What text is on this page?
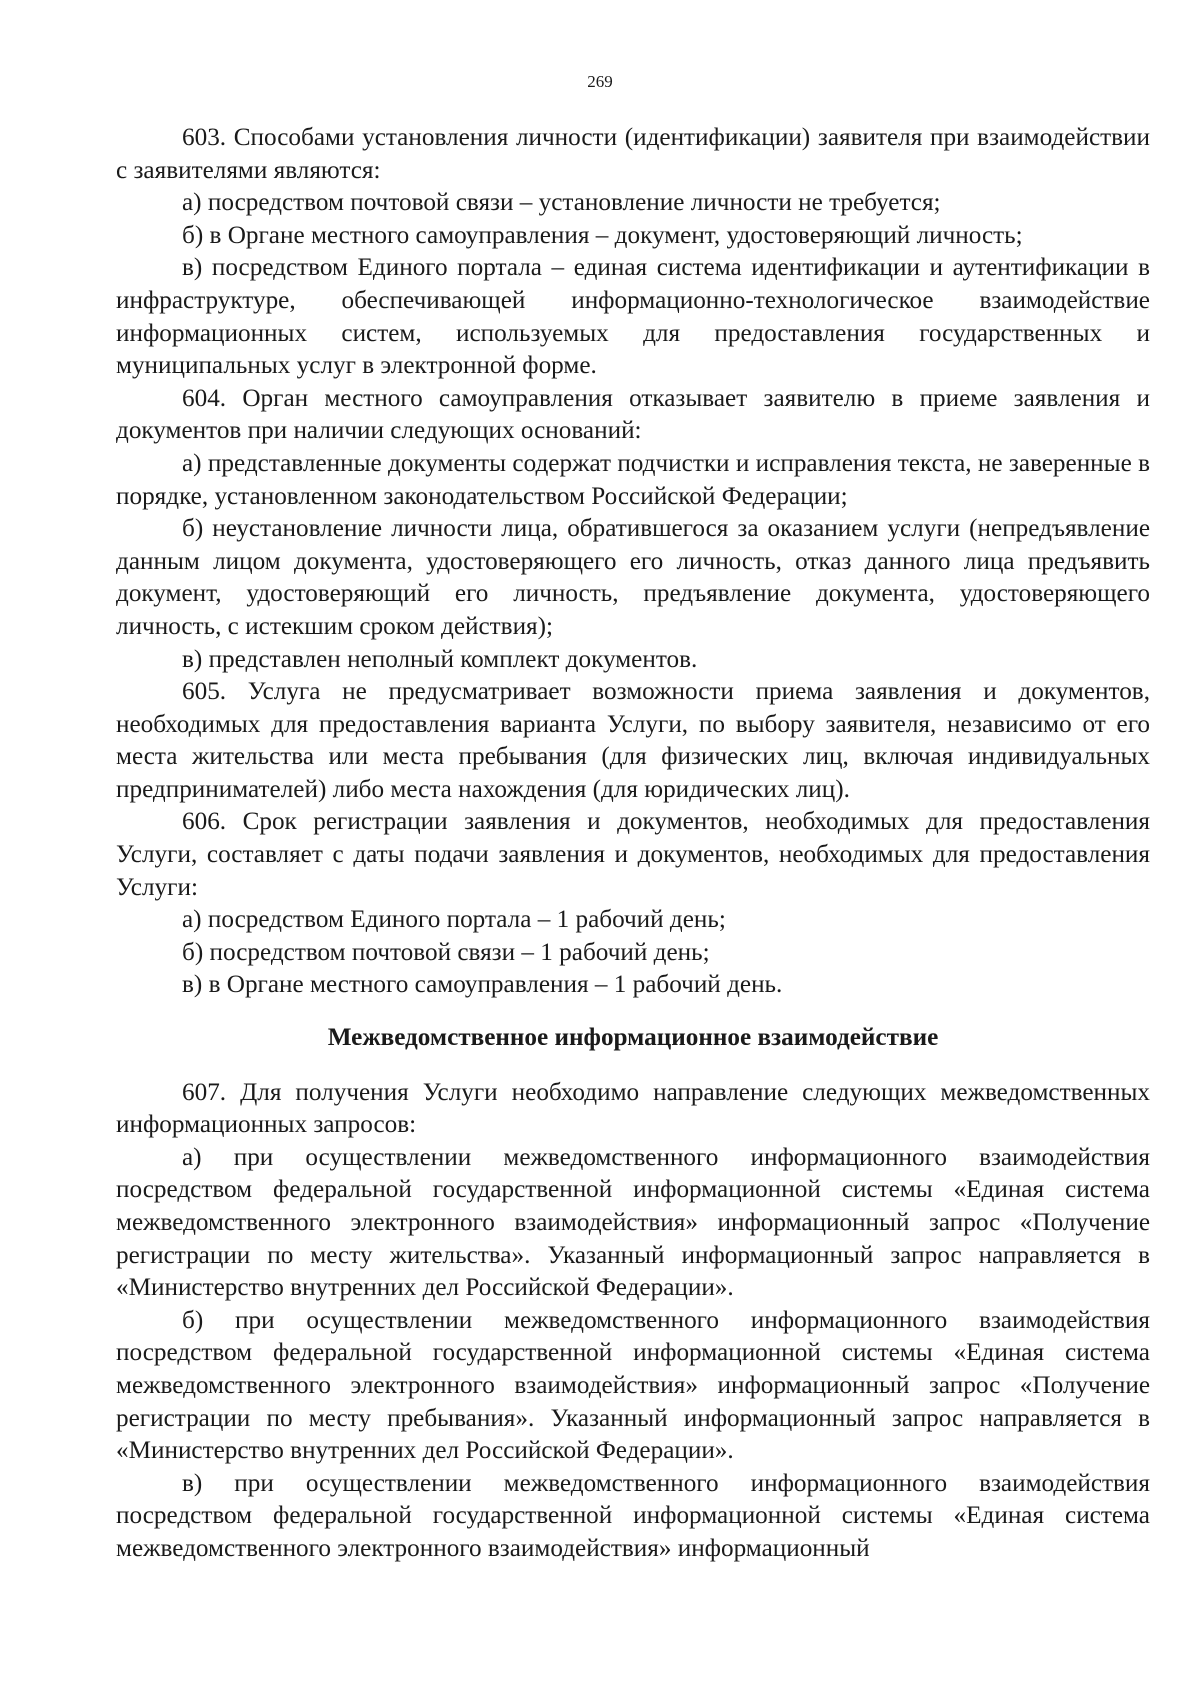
269

603. Способами установления личности (идентификации) заявителя при взаимодействии с заявителями являются:

а) посредством почтовой связи – установление личности не требуется;

б) в Органе местного самоуправления – документ, удостоверяющий личность;

в) посредством Единого портала – единая система идентификации и аутентификации в инфраструктуре, обеспечивающей информационно-технологическое взаимодействие информационных систем, используемых для предоставления государственных и муниципальных услуг в электронной форме.

604. Орган местного самоуправления отказывает заявителю в приеме заявления и документов при наличии следующих оснований:

а) представленные документы содержат подчистки и исправления текста, не заверенные в порядке, установленном законодательством Российской Федерации;

б) неустановление личности лица, обратившегося за оказанием услуги (непредъявление данным лицом документа, удостоверяющего его личность, отказ данного лица предъявить документ, удостоверяющий его личность, предъявление документа, удостоверяющего личность, с истекшим сроком действия);

в) представлен неполный комплект документов.

605. Услуга не предусматривает возможности приема заявления и документов, необходимых для предоставления варианта Услуги, по выбору заявителя, независимо от его места жительства или места пребывания (для физических лиц, включая индивидуальных предпринимателей) либо места нахождения (для юридических лиц).

606. Срок регистрации заявления и документов, необходимых для предоставления Услуги, составляет с даты подачи заявления и документов, необходимых для предоставления Услуги:

а) посредством Единого портала – 1 рабочий день;

б) посредством почтовой связи – 1 рабочий день;

в) в Органе местного самоуправления – 1 рабочий день.

Межведомственное информационное взаимодействие

607. Для получения Услуги необходимо направление следующих межведомственных информационных запросов:

а) при осуществлении межведомственного информационного взаимодействия посредством федеральной государственной информационной системы «Единая система межведомственного электронного взаимодействия» информационный запрос «Получение регистрации по месту жительства». Указанный информационный запрос направляется в «Министерство внутренних дел Российской Федерации».

б) при осуществлении межведомственного информационного взаимодействия посредством федеральной государственной информационной системы «Единая система межведомственного электронного взаимодействия» информационный запрос «Получение регистрации по месту пребывания». Указанный информационный запрос направляется в «Министерство внутренних дел Российской Федерации».

в) при осуществлении межведомственного информационного взаимодействия посредством федеральной государственной информационной системы «Единая система межведомственного электронного взаимодействия» информационный
